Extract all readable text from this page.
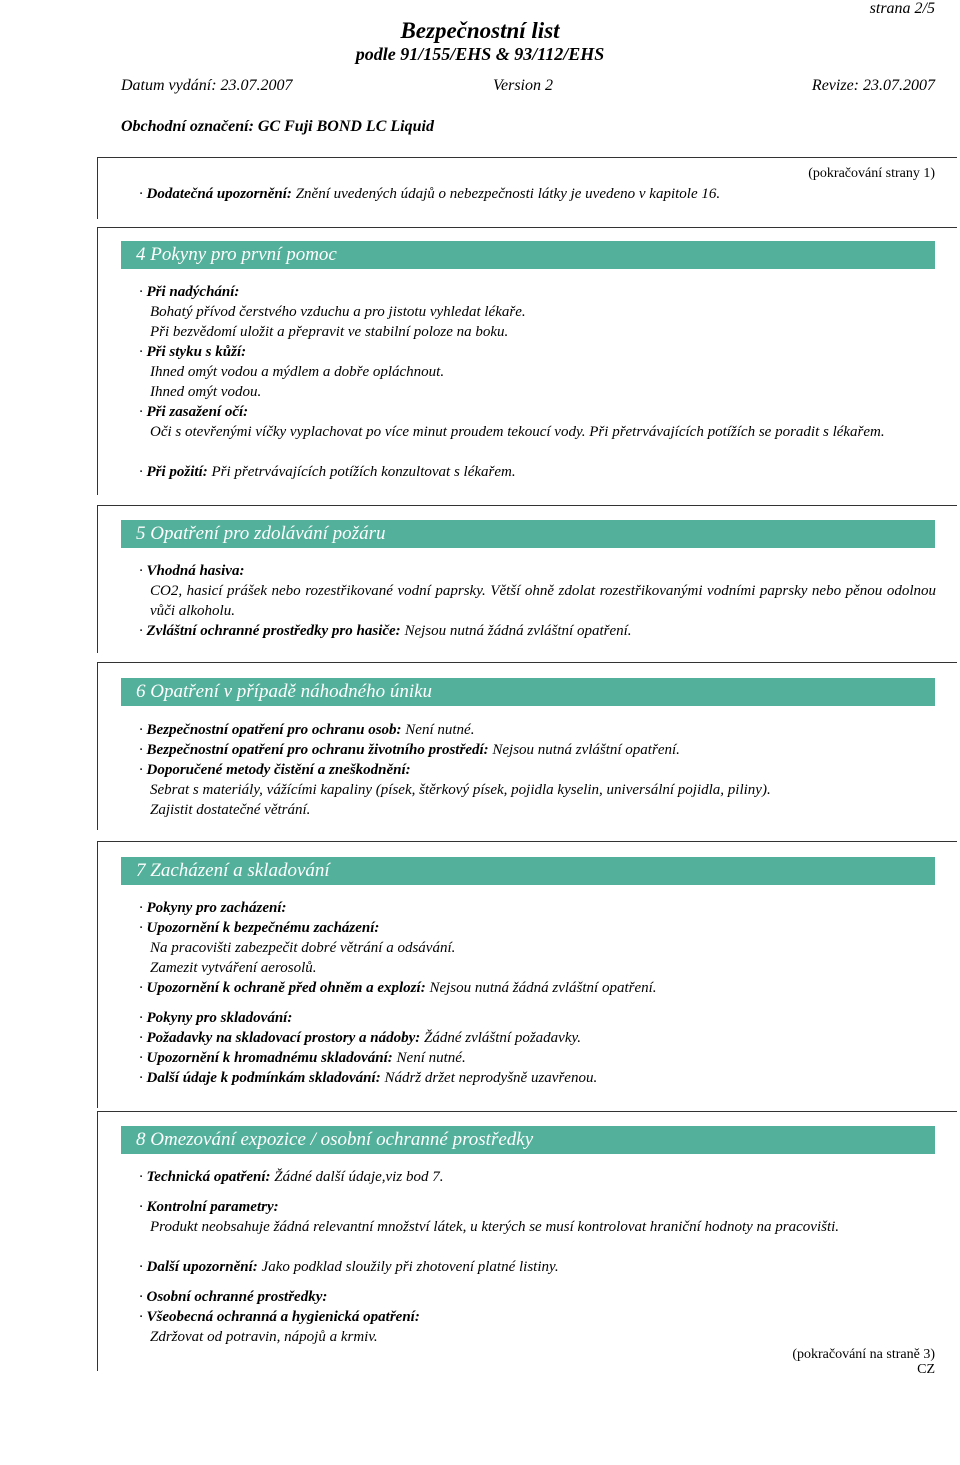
strana 2/5
Bezpečnostní list
podle 91/155/EHS & 93/112/EHS
Datum vydání: 23.07.2007	Version 2	Revize: 23.07.2007
Obchodní označení: GC Fuji BOND LC Liquid
(pokračování strany 1)
· Dodatečná upozornění: Znění uvedených údajů o nebezpečnosti látky je uvedeno v kapitole 16.
4 Pokyny pro první pomoc
· Při nadýchání:
Bohatý přívod čerstvého vzduchu a pro jistotu vyhledat lékaře.
Při bezvědomí uložit a přepravit ve stabilní poloze na boku.
· Při styku s kůží:
Ihned omýt vodou a mýdlem a dobře opláchnout.
Ihned omýt vodou.
· Při zasažení očí:
Oči s otevřenými víčky vyplachovat po více minut proudem tekoucí vody. Při přetrvávajících potížích se poradit s lékařem.
· Při požití: Při přetrvávajících potížích konzultovat s lékařem.
5 Opatření pro zdolávání požáru
· Vhodná hasiva:
CO2, hasicí prášek nebo rozestřikované vodní paprsky. Větší ohně zdolat rozestřikovanými vodními paprsky nebo pěnou odolnou vůči alkoholu.
· Zvláštní ochranné prostředky pro hasiče: Nejsou nutná žádná zvláštní opatření.
6 Opatření v případě náhodného úniku
· Bezpečnostní opatření pro ochranu osob: Není nutné.
· Bezpečnostní opatření pro ochranu životního prostředí: Nejsou nutná zvláštní opatření.
· Doporučené metody čistění a zneškodnění:
Sebrat s materiály, vážícími kapaliny (písek, štěrkový písek, pojidla kyselin, universální pojidla, piliny).
Zajistit dostatečné větrání.
7 Zacházení a skladování
· Pokyny pro zacházení:
· Upozornění k bezpečnému zacházení:
Na pracovišti zabezpečit dobré větrání a odsávání.
Zamezit vytváření aerosolů.
· Upozornění k ochraně před ohněm a explozí: Nejsou nutná žádná zvláštní opatření.
· Pokyny pro skladování:
· Požadavky na skladovací prostory a nádoby: Žádné zvláštní požadavky.
· Upozornění k hromadnému skladování: Není nutné.
· Další údaje k podmínkám skladování: Nádrž držet neprodyšně uzavřenou.
8 Omezování expozice / osobní ochranné prostředky
· Technická opatření: Žádné další údaje,viz bod 7.
· Kontrolní parametry:
Produkt neobsahuje žádná relevantní množství látek, u kterých se musí kontrolovat hraniční hodnoty na pracovišti.
· Další upozornění: Jako podklad sloužily při zhotovení platné listiny.
· Osobní ochranné prostředky:
· Všeobecná ochranná a hygienická opatření:
Zdržovat od potravin, nápojů a krmiv.
(pokračování na straně 3)
CZ
